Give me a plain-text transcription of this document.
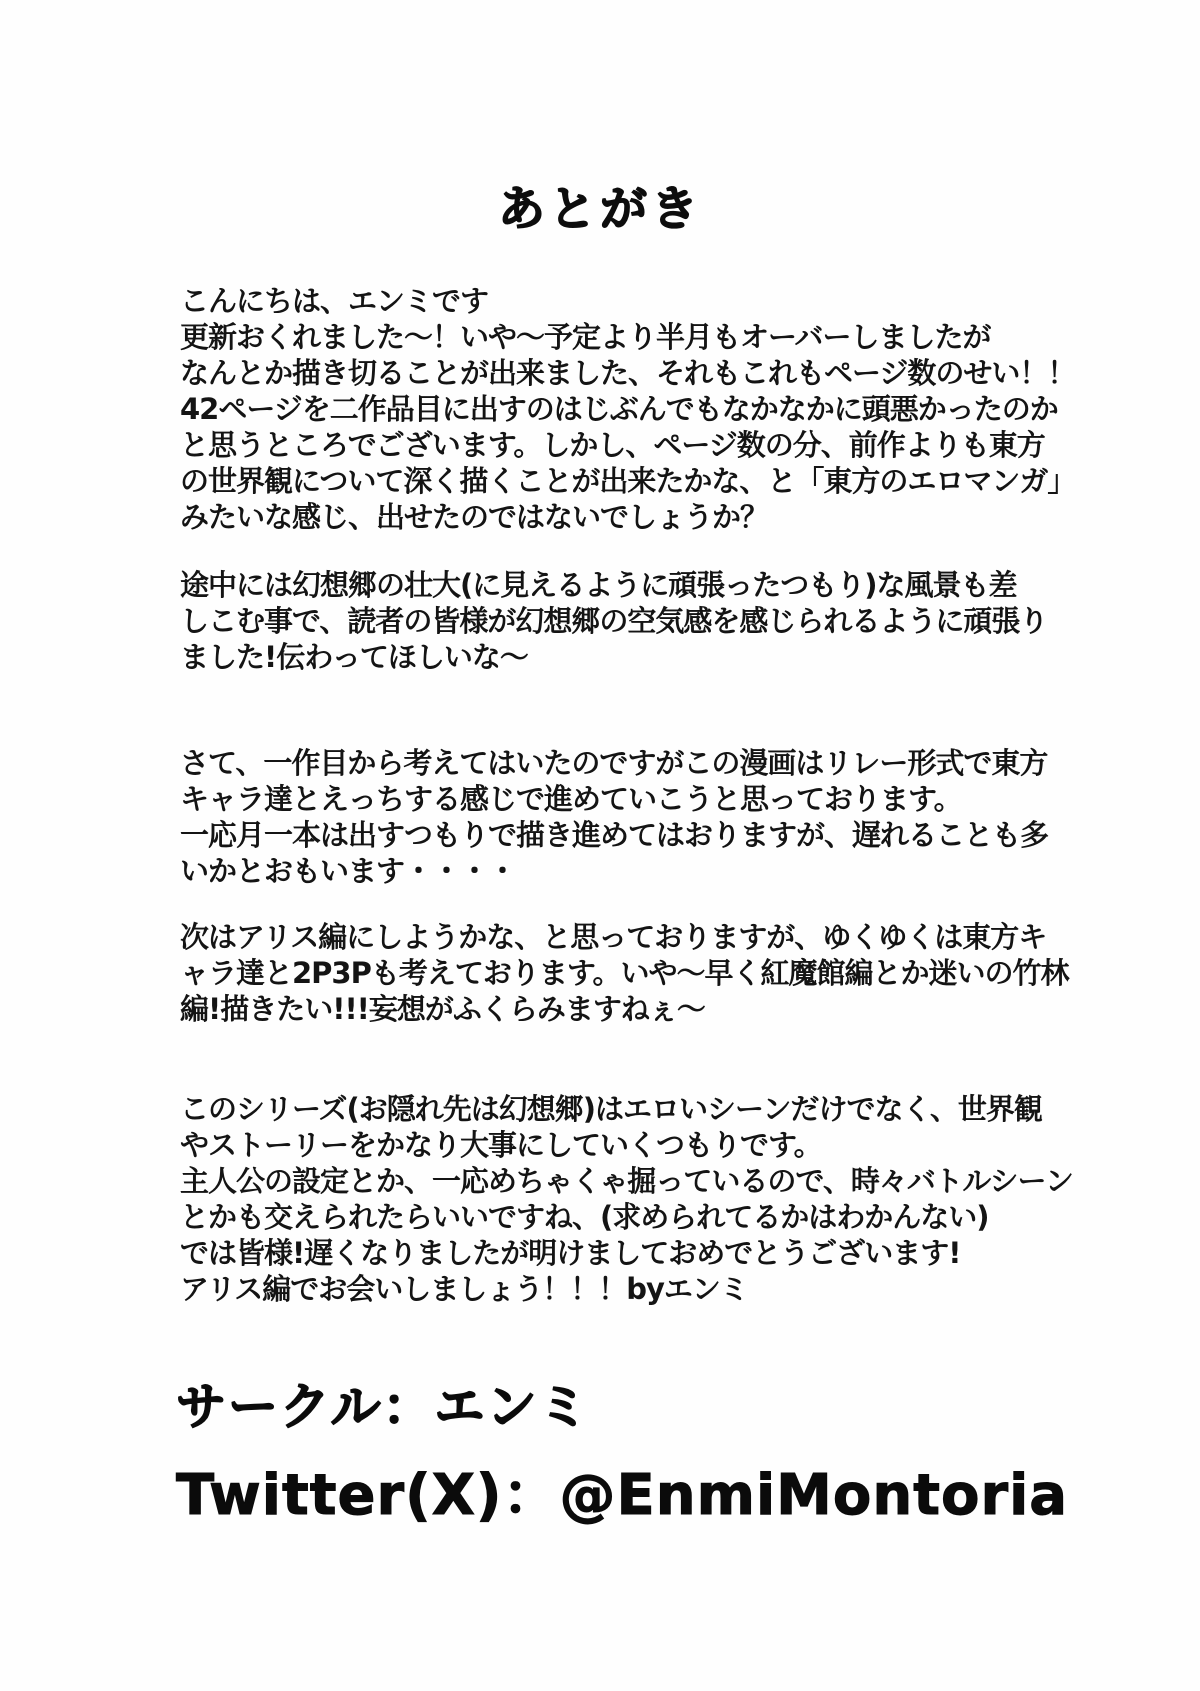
あとがき

こんにちは、エンミです
更新おくれました～！いや～予定より半月もオーバーしましたが
なんとか描き切ることが出来ました、それもこれもページ数のせい！！
42ページを二作品目に出すのはじぶんでもなかなかに頭悪かったのか
と思うところでございます。しかし、ページ数の分、前作よりも東方
の世界観について深く描くことが出来たかな、と「東方のエロマンガ」
みたいな感じ、出せたのではないでしょうか？

途中には幻想郷の壮大(に見えるように頑張ったつもり)な風景も差
しこむ事で、読者の皆様が幻想郷の空気感を感じられるように頑張り
ました!伝わってほしいな～

さて、一作目から考えてはいたのですがこの漫画はリレー形式で東方
キャラ達とえっちする感じで進めていこうと思っております。
一応月一本は出すつもりで描き進めてはおりますが、遅れることも多
いかとおもいます・・・・

次はアリス編にしようかな、と思っておりますが、ゆくゆくは東方キ
ャラ達と2P3Pも考えております。いや～早く紅魔館編とか迷いの竹林
編!描きたい!!!妄想がふくらみますねぇ～

このシリーズ(お隠れ先は幻想郷)はエロいシーンだけでなく、世界観
やストーリーをかなり大事にしていくつもりです。
主人公の設定とか、一応めちゃくゃ掘っているので、時々バトルシーン
とかも交えられたらいいですね、(求められてるかはわかんない)
では皆様!遅くなりましたが明けましておめでとうございます!
アリス編でお会いしましょう！！！byエンミ

サークル：エンミ
Twitter(X)：@EnmiMontoria
